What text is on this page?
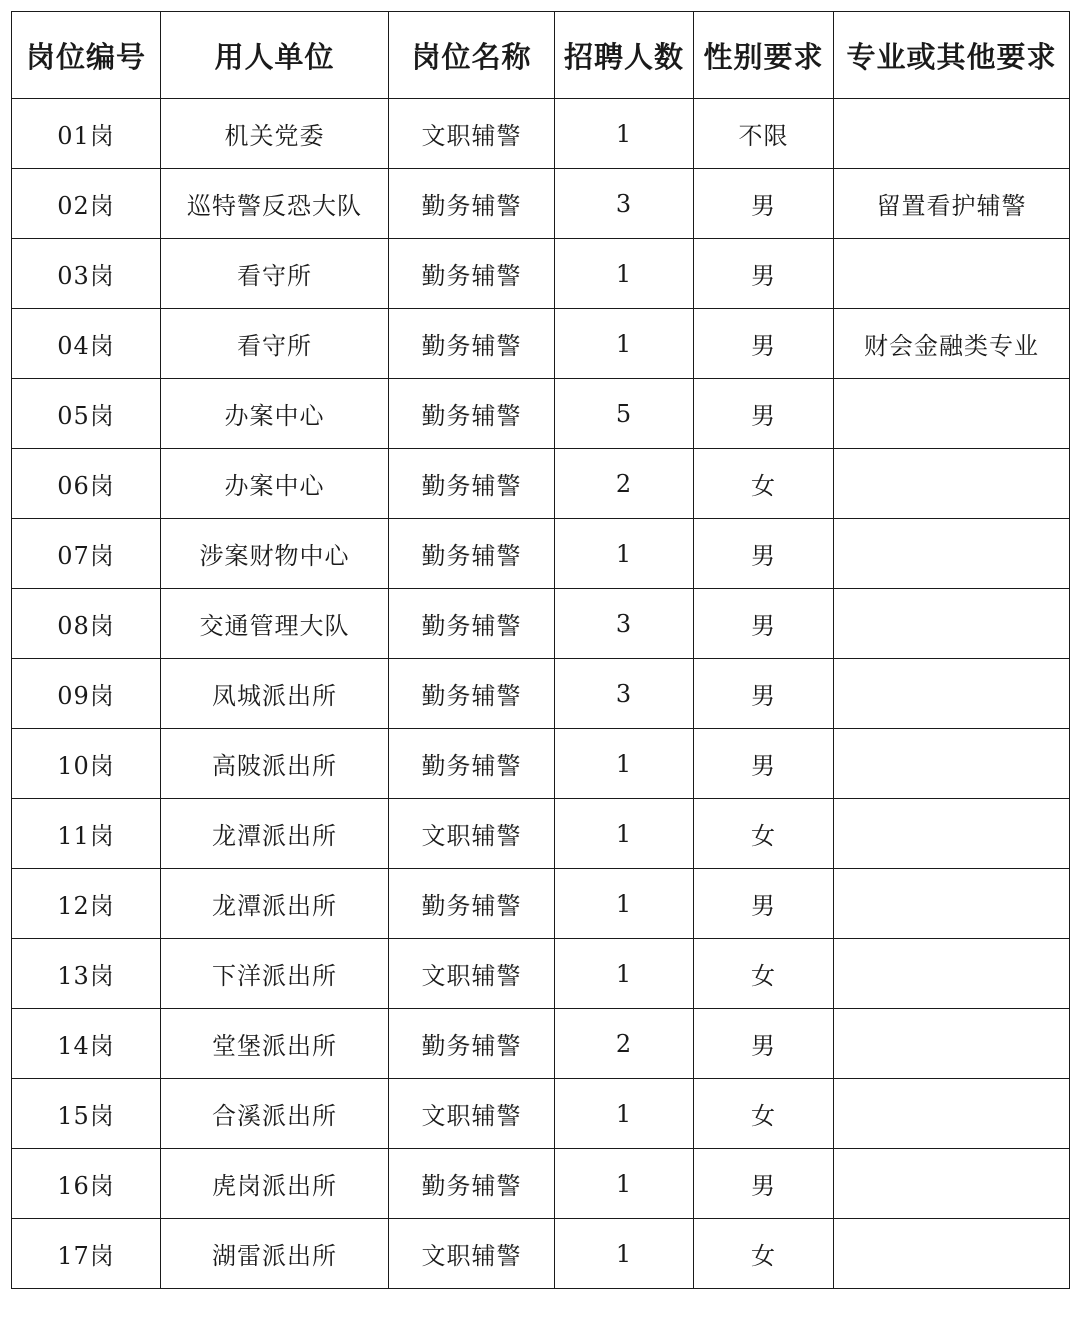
岗位编号	用人单位	岗位名称	招聘人数	性别要求	专业或其他要求
01岗	机关党委	文职辅警	1	不限	
02岗	巡特警反恐大队	勤务辅警	3	男	留置看护辅警
03岗	看守所	勤务辅警	1	男	
04岗	看守所	勤务辅警	1	男	财会金融类专业
05岗	办案中心	勤务辅警	5	男	
06岗	办案中心	勤务辅警	2	女	
07岗	涉案财物中心	勤务辅警	1	男	
08岗	交通管理大队	勤务辅警	3	男	
09岗	凤城派出所	勤务辅警	3	男	
10岗	高陂派出所	勤务辅警	1	男	
11岗	龙潭派出所	文职辅警	1	女	
12岗	龙潭派出所	勤务辅警	1	男	
13岗	下洋派出所	文职辅警	1	女	
14岗	堂堡派出所	勤务辅警	2	男	
15岗	合溪派出所	文职辅警	1	女	
16岗	虎岗派出所	勤务辅警	1	男	
17岗	湖雷派出所	文职辅警	1	女	
